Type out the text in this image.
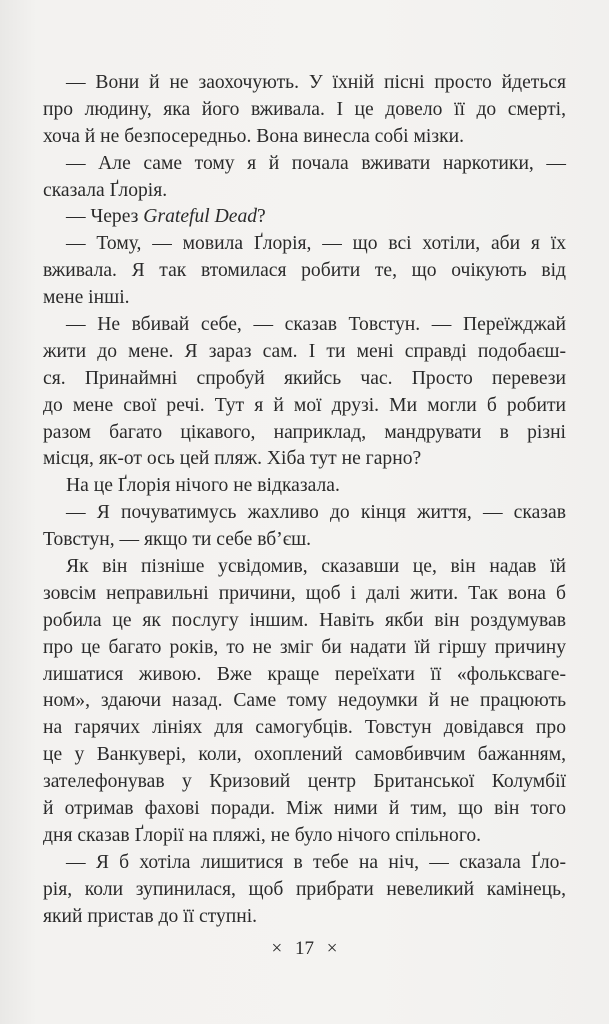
— Вони й не заохочують. У їхній пісні просто йдеться
про людину, яка його вживала. І це довело її до смерті,
хоча й не безпосередньо. Вона винесла собі мізки.
— Але саме тому я й почала вживати наркотики, —
сказала Ґлорія.
— Через Grateful Dead?
— Тому, — мовила Ґлорія, — що всі хотіли, аби я їх
вживала. Я так втомилася робити те, що очікують від
мене інші.
— Не вбивай себе, — сказав Товстун. — Переїжджай
жити до мене. Я зараз сам. І ти мені справді подобаєш-
ся. Принаймні спробуй якийсь час. Просто перевези
до мене свої речі. Тут я й мої друзі. Ми могли б робити
разом багато цікавого, наприклад, мандрувати в різні
місця, як-от ось цей пляж. Хіба тут не гарно?
На це Ґлорія нічого не відказала.
— Я почуватимусь жахливо до кінця життя, — сказав
Товстун, — якщо ти себе вб’єш.
Як він пізніше усвідомив, сказавши це, він надав їй
зовсім неправильні причини, щоб і далі жити. Так вона б
робила це як послугу іншим. Навіть якби він роздумував
про це багато років, то не зміг би надати їй гіршу причину
лишатися живою. Вже краще переїхати її «фольксваге-
ном», здаючи назад. Саме тому недоумки й не працюють
на гарячих лініях для самогубців. Товстун довідався про
це у Ванкувері, коли, охоплений самовбивчим бажанням,
зателефонував у Кризовий центр Британської Колумбії
й отримав фахові поради. Між ними й тим, що він того
дня сказав Ґлорії на пляжі, не було нічого спільного.
— Я б хотіла лишитися в тебе на ніч, — сказала Ґло-
рія, коли зупинилася, щоб прибрати невеликий камінець,
який пристав до її ступні.
× 17 ×
